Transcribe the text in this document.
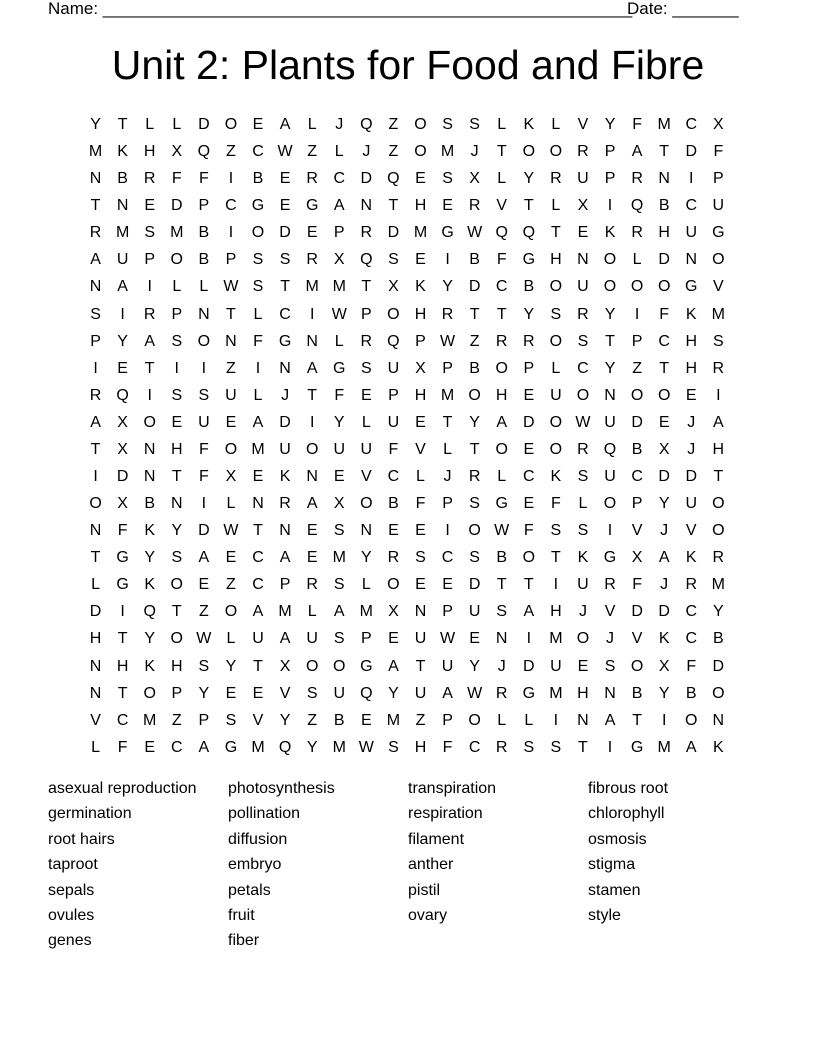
Name: ________________________________________________________
Date: _______
Unit 2: Plants for Food and Fibre
Y	T	L	L	D O E	A	L	J	Q Z O S	S	L	K	L	V	Y	F M C X
M K H X Q Z	C W Z	L	J	Z O M	J	T O O R P	A	T	D	F
N B R	F	F	I	B	E R C D Q E	S	X	L	Y R U P R N	I	P
T	N E D P C G E G A N	T	H E R V	T	L	X	I	Q B C U
R M S M B	I	O D E	P R D M G W Q Q T	E	K R H U G
A U P O B	P	S	S R X Q S	E	I	B	F G H N O	L	D N O
N A	I	L	L W S	T M M T	X	K	Y D C B O U O O O G V
S	I	R P N	T	L	C	I	W P O H R	T	T	Y	S R Y	I	F	K M
P	Y	A	S O N	F G N	L	R Q P W Z	R R O S	T	P C H S
I	E	T	I	I	Z	I	N A G S U X	P	B O P	L	C Y	Z	T	H R
R Q	I	S	S U	L	J	T	F	E	P H M O H E U O N O O E	I
A	X O E U E	A D	I	Y	L	U E	T	Y	A D O W U D E	J	A
T	X N H	F O M U O U U	F	V	L	T O E O R Q B	X	J	H
I	D N	T	F	X	E	K N E	V C	L	J	R	L	C K	S U C D D	T
O X	B N	I	L	N R A	X O B	F	P	S G E	F	L	O P	Y U O
N	F	K	Y D W T	N E	S N E	E	I	O W F	S	S	I	V	J	V O
T G Y	S	A	E C A	E M Y R S C S	B O T	K G X	A	K R
L	G K O E	Z	C P R S	L	O E	E D	T	T	I	U R	F	J	R M
D	I	Q T	Z O A M L	A M X N P U S	A H	J	V D D C Y
H	T	Y O W L	U A U S	P	E U W E N	I	M O	J	V	K C B
N H K H S	Y	T	X O O G A	T	U Y	J	D U E	S O X	F	D
N	T O P	Y	E	E	V	S U Q Y U A W R G M H N B	Y	B O
V C M Z	P	S	V	Y	Z	B	E M Z	P O	L	L	I	N A	T	I	O N
L	F	E C A G M Q Y M W S H	F	C R S	S	T	I	G M A	K
asexual reproduction	photosynthesis	transpiration	fibrous root
germination	pollination	respiration	chlorophyll
root hairs	diffusion	filament	osmosis
taproot	embryo	anther	stigma
sepals	petals	pistil	stamen
ovules	fruit	ovary	style
genes	fiber
